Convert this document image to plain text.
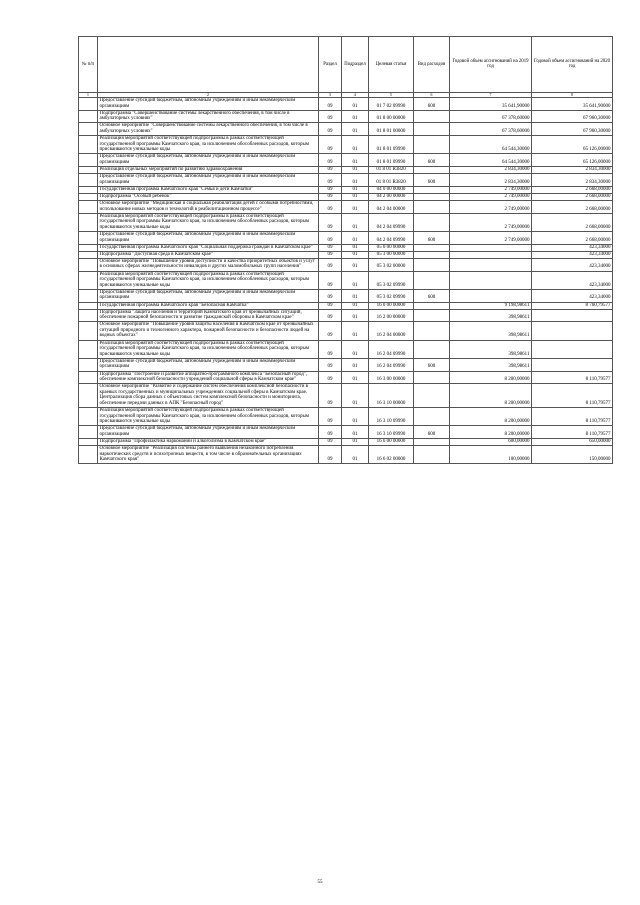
№ п/п		Раздел	Подраздел	Целевая статья	Вид расходов	Годовой объем ассигнований на 2019 год	Годовой объем ассигнований на 2020 год
1	2	3	4	5	6	7	8
	Предоставление субсидий бюджетным, автономным учреждениям и иным некоммерческим организациям	09	01	01 7 02 09990	600	35 641,90000	35 641,90000
	Подпрограмма "Совершенствование системы лекарственного обеспечения, в том числе в амбулаторных условиях"	09	01	01 8 00 00000		67 378,60000	67 960,30000
	Основное мероприятие "Совершенствование системы лекарственного обеспечения, в том числе в амбулаторных условиях"	09	01	01 8 01 00000		67 378,60000	67 960,30000
	Реализация мероприятий соответствующей подпрограммы в рамках соответствующей государственной программы Камчатского края, за исключением обособленных расходов, которым присваиваются уникальные коды	09	01	01 8 01 09990		64 544,30000	65 126,00000
	Предоставление субсидий бюджетным, автономным учреждениям и иным некоммерческим организациям	09	01	01 8 01 09990	600	64 544,30000	65 126,00000
	Реализация отдельных мероприятий по развитию здравоохранения	09	01	01 8 01 R3820		2 834,30000	2 834,30000
	Предоставление субсидий бюджетным, автономным учреждениям и иным некоммерческим организациям	09	01	01 8 01 R3820	600	2 834,30000	2 834,30000
	Государственная программа Камчатского края "Семья и дети Камчатки"	09	01	04 0 00 00000		2 749,00000	2 668,00000
	Подпрограмма "Особый ребенок"	09	01	04 2 00 00000		2 749,00000	2 668,00000
	Основное мероприятие "Медицинская и социальная реабилитация детей с особыми потребностями, использование новых методов и технологий в реабилитационном процессе"	09	01	04 2 04 00000		2 749,00000	2 668,00000
	Реализация мероприятий соответствующей подпрограммы в рамках соответствующей государственной программы Камчатского края, за исключением обособленных расходов, которым присваиваются уникальные коды	09	01	04 2 04 09990		2 749,00000	2 668,00000
	Предоставление субсидий бюджетным, автономным учреждениям и иным некоммерческим организациям	09	01	04 2 04 09990	600	2 749,00000	2 668,00000
	Государственная программа Камчатского края "Социальная поддержка граждан в Камчатском крае"	09	01	05 0 00 00000			423,34000
	Подпрограмма "Доступная среда в Камчатском крае"	09	01	05 3 00 00000			423,34000
	Основное мероприятие "Повышение уровня доступности и качества приоритетных объектов и услуг в основных сферах жизнедеятельности инвалидов и других маломобильных групп населения"	09	01	05 3 02 00000			423,34000
	Реализация мероприятий соответствующей подпрограммы в рамках соответствующей государственной программы Камчатского края, за исключением обособленных расходов, которым присваиваются уникальные коды	09	01	05 3 02 09990			423,34000
	Предоставление субсидий бюджетным, автономным учреждениям и иным некоммерческим организациям	09	01	05 3 02 09990	600		423,34000
	Государственная программа Камчатского края "Безопасная Камчатка"	09	01	16 0 00 00000		9 198,98611	8 760,79577
	Подпрограмма "Защита населения и территорий Камчатского края от чрезвычайных ситуаций, обеспечение пожарной безопасности и развитие гражданской обороны в Камчатском крае"	09	01	16 2 00 00000		398,98611	
	Основное мероприятие "Повышение уровня защиты населения в Камчатском крае от чрезвычайных ситуаций природного и техногенного характера, пожарной безопасности и безопасности людей на водных объектах"	09	01	16 2 04 00000		398,98611	
	Реализация мероприятий соответствующей подпрограммы в рамках соответствующей государственной программы Камчатского края, за исключением обособленных расходов, которым присваиваются уникальные коды	09	01	16 2 04 09990		398,98611	
	Предоставление субсидий бюджетным, автономным учреждениям и иным некоммерческим организациям	09	01	16 2 04 09990	600	398,98611	
	Подпрограмма "Построение и развитие аппаратно-программного комплекса "Безопасный город", обеспечение комплексной безопасности учреждений социальной сферы в Камчатском крае"	09	01	16 3 00 00000		8 200,00000	8 110,79577
	Основное мероприятие "Развитие и содержание систем обеспечения комплексной безопасности в краевых государственных и муниципальных учреждениях социальной сферы в Камчатском крае. Централизация сбора данных с объектовых систем комплексной безопасности и мониторинга, обеспечение передачи данных в АПК "Безопасный город"	09	01	16 3 10 00000		8 200,00000	8 110,79577
	Реализация мероприятий соответствующей подпрограммы в рамках соответствующей государственной программы Камчатского края, за исключением обособленных расходов, которым присваиваются уникальные коды	09	01	16 3 10 09990		8 200,00000	8 110,79577
	Предоставление субсидий бюджетным, автономным учреждениям и иным некоммерческим организациям	09	01	16 3 10 09990	600	8 200,00000	8 110,79577
	Подпрограмма "Профилактика наркомании и алкоголизма в Камчатском крае"	09	01	16 6 00 00000		600,00000	650,00000
	Основное мероприятие "Реализация системы раннего выявления незаконного потребления наркотических средств и психотропных веществ, в том числе в образовательных организациях Камчатского края"	09	01	16 6 02 00000		100,00000	150,00000
55
